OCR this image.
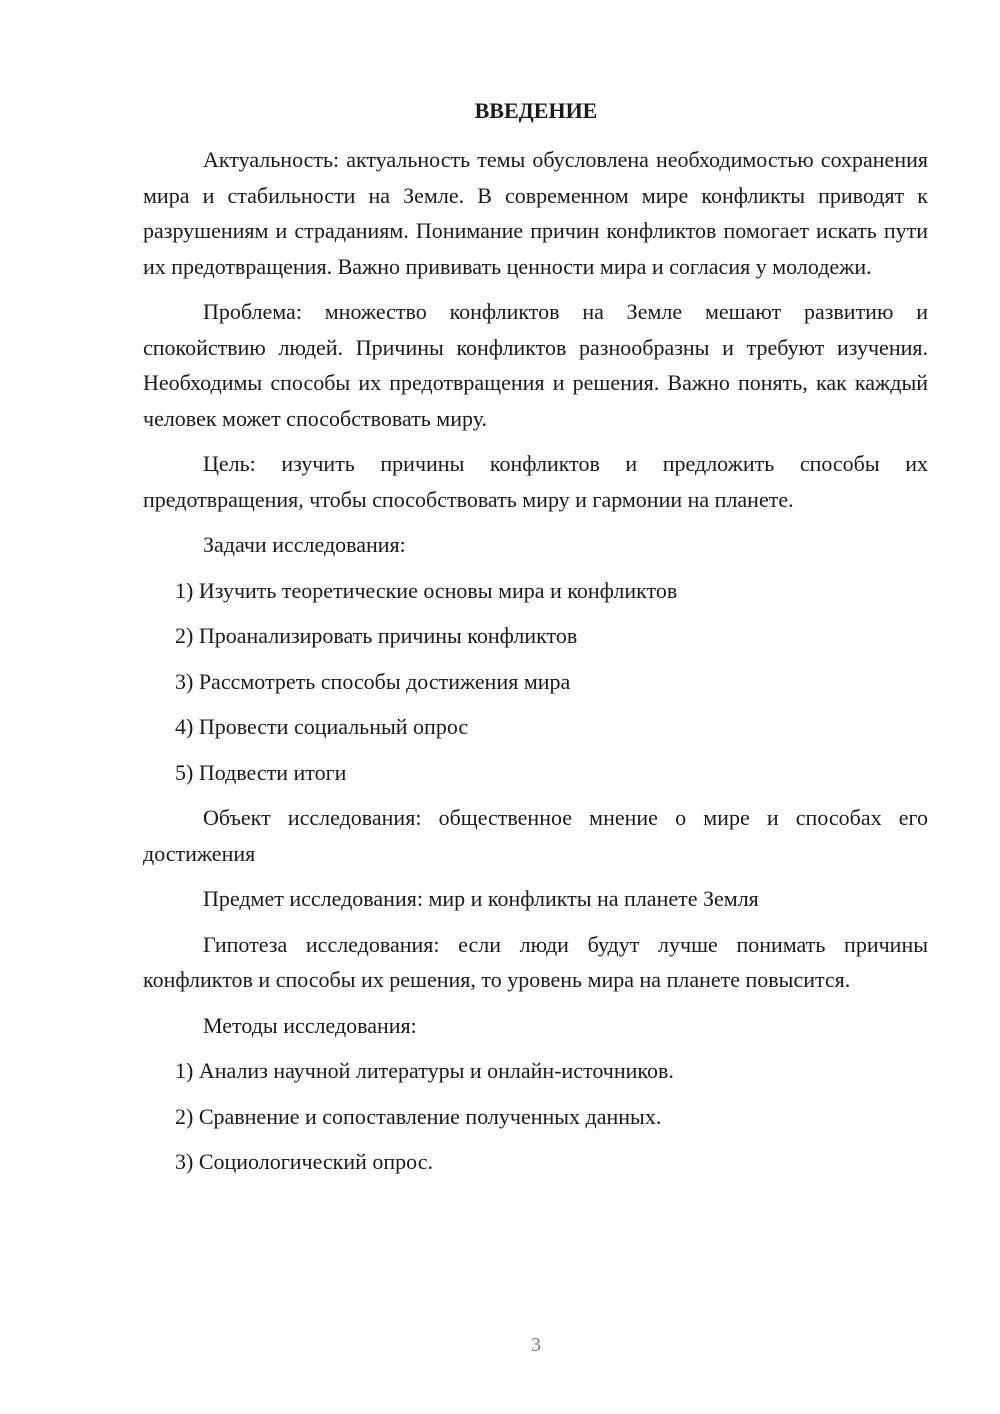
ВВЕДЕНИЕ

Актуальность: актуальность темы обусловлена необходимостью сохранения мира и стабильности на Земле. В современном мире конфликты приводят к разрушениям и страданиям. Понимание причин конфликтов помогает искать пути их предотвращения. Важно прививать ценности мира и согласия у молодежи.

Проблема: множество конфликтов на Земле мешают развитию и спокойствию людей. Причины конфликтов разнообразны и требуют изучения. Необходимы способы их предотвращения и решения. Важно понять, как каждый человек может способствовать миру.

Цель: изучить причины конфликтов и предложить способы их предотвращения, чтобы способствовать миру и гармонии на планете.

Задачи исследования:

1) Изучить теоретические основы мира и конфликтов
2) Проанализировать причины конфликтов
3) Рассмотреть способы достижения мира
4) Провести социальный опрос
5) Подвести итоги

Объект исследования: общественное мнение о мире и способах его достижения

Предмет исследования: мир и конфликты на планете Земля

Гипотеза исследования: если люди будут лучше понимать причины конфликтов и способы их решения, то уровень мира на планете повысится.

Методы исследования:

1) Анализ научной литературы и онлайн-источников.
2) Сравнение и сопоставление полученных данных.
3) Социологический опрос.
3
